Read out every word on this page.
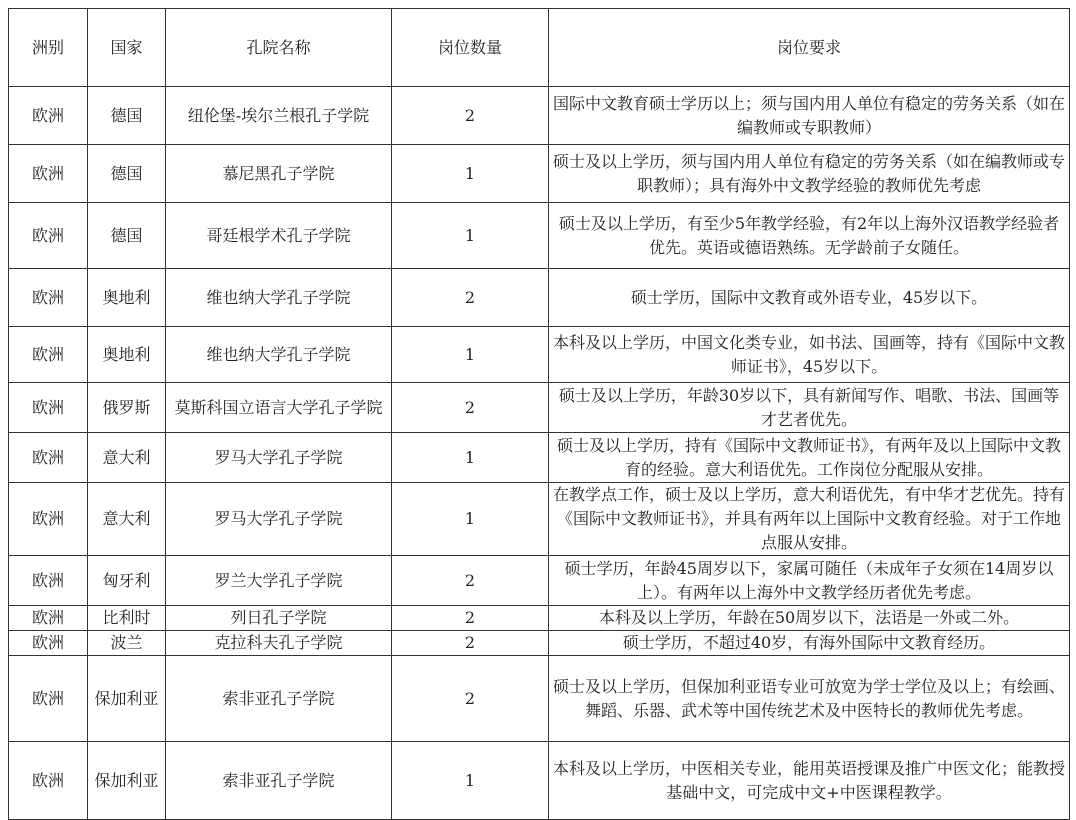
洲别	国家	孔院名称	岗位数量	岗位要求
欧洲	德国	纽伦堡-埃尔兰根孔子学院	2	国际中文教育硕士学历以上；须与国内用人单位有稳定的劳务关系（如在编教师或专职教师）
欧洲	德国	慕尼黑孔子学院	1	硕士及以上学历，须与国内用人单位有稳定的劳务关系（如在编教师或专职教师）；具有海外中文教学经验的教师优先考虑
欧洲	德国	哥廷根学术孔子学院	1	硕士及以上学历，有至少5年教学经验，有2年以上海外汉语教学经验者优先。英语或德语熟练。无学龄前子女随任。
欧洲	奥地利	维也纳大学孔子学院	2	硕士学历，国际中文教育或外语专业，45岁以下。
欧洲	奥地利	维也纳大学孔子学院	1	本科及以上学历，中国文化类专业，如书法、国画等，持有《国际中文教师证书》，45岁以下。
欧洲	俄罗斯	莫斯科国立语言大学孔子学院	2	硕士及以上学历，年龄30岁以下，具有新闻写作、唱歌、书法、国画等才艺者优先。
欧洲	意大利	罗马大学孔子学院	1	硕士及以上学历，持有《国际中文教师证书》，有两年及以上国际中文教育的经验。意大利语优先。工作岗位分配服从安排。
欧洲	意大利	罗马大学孔子学院	1	在教学点工作，硕士及以上学历，意大利语优先，有中华才艺优先。持有《国际中文教师证书》，并具有两年以上国际中文教育经验。对于工作地点服从安排。
欧洲	匈牙利	罗兰大学孔子学院	2	硕士学历，年龄45周岁以下，家属可随任（未成年子女须在14周岁以上）。有两年以上海外中文教学经历者优先考虑。
欧洲	比利时	列日孔子学院	2	本科及以上学历，年龄在50周岁以下，法语是一外或二外。
欧洲	波兰	克拉科夫孔子学院	2	硕士学历，不超过40岁，有海外国际中文教育经历。
欧洲	保加利亚	索非亚孔子学院	2	硕士及以上学历，但保加利亚语专业可放宽为学士学位及以上；有绘画、舞蹈、乐器、武术等中国传统艺术及中医特长的教师优先考虑。
欧洲	保加利亚	索非亚孔子学院	1	本科及以上学历，中医相关专业，能用英语授课及推广中医文化；能教授基础中文，可完成中文+中医课程教学。
